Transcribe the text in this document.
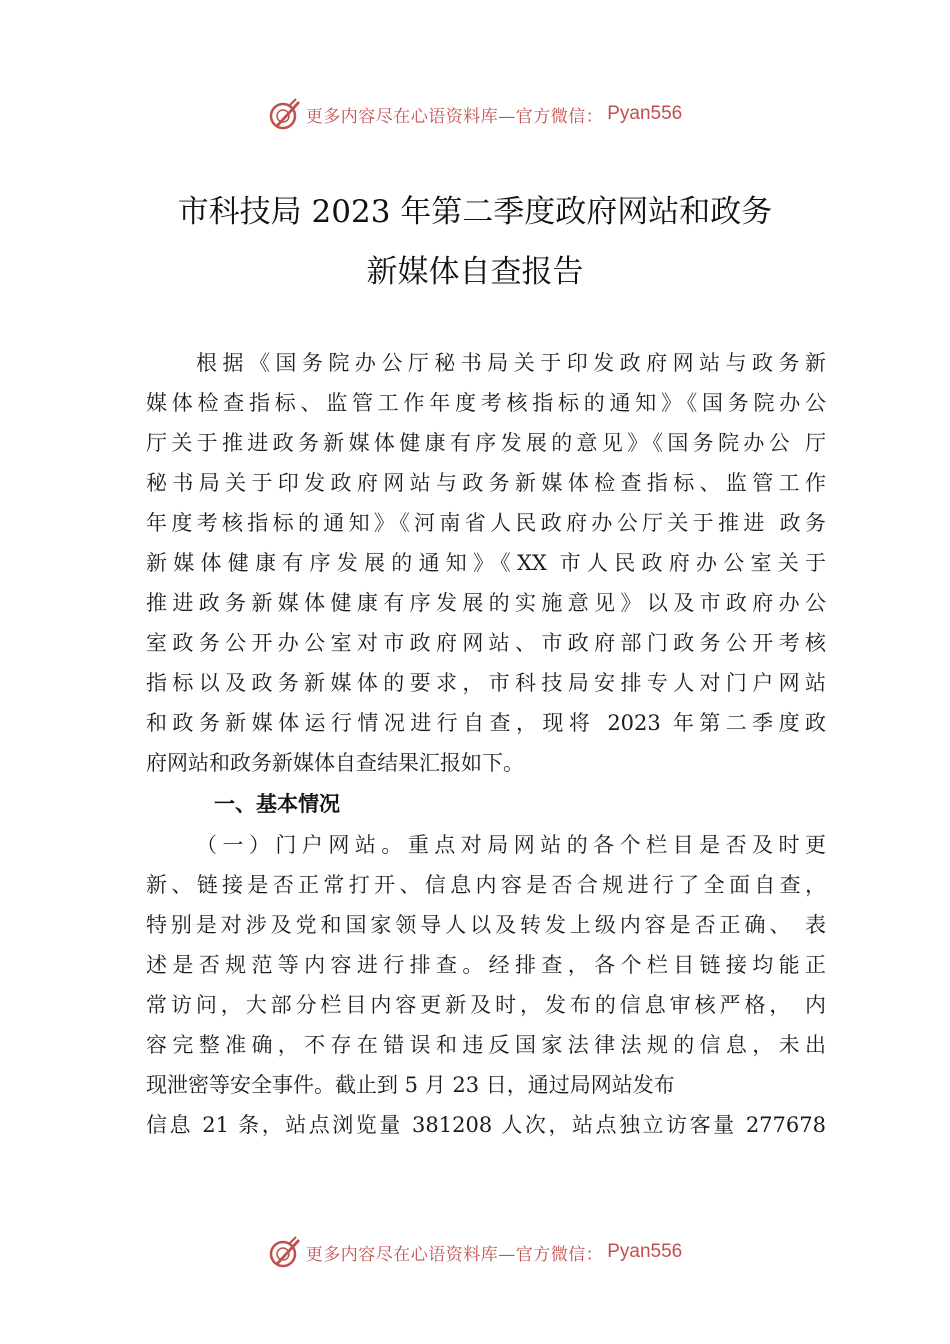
更多内容尽在心语资料库—官方微信： Pyan556
市科技局 2023 年第二季度政府网站和政务
新媒体自查报告
根据《国务院办公厅秘书局关于印发政府网站与政务新
媒体检查指标、监管工作年度考核指标的通知》《国务院办公
厅关于推进政务新媒体健康有序发展的意见》《国务院办公 厅
秘书局关于印发政府网站与政务新媒体检查指标、监管工作
年度考核指标的通知》《河南省人民政府办公厅关于推进 政务
新媒体健康有序发展的通知》《XX 市人民政府办公室关于
推进政务新媒体健康有序发展的实施意见》以及市政府办公
室政务公开办公室对市政府网站、市政府部门政务公开考核
指标以及政务新媒体的要求，市科技局安排专人对门户网站
和政务新媒体运行情况进行自查，现将 2023 年第二季度政
府网站和政务新媒体自查结果汇报如下。
一、基本情况
（一）门户网站。重点对局网站的各个栏目是否及时更
新、链接是否正常打开、信息内容是否合规进行了全面自查，
特别是对涉及党和国家领导人以及转发上级内容是否正确、 表
述是否规范等内容进行排查。经排查，各个栏目链接均能正
常访问，大部分栏目内容更新及时，发布的信息审核严格， 内
容完整准确，不存在错误和违反国家法律法规的信息，未出
现泄密等安全事件。截止到 5 月 23 日，通过局网站发布
信息 21 条，站点浏览量 381208 人次，站点独立访客量 277678
更多内容尽在心语资料库—官方微信： Pyan556
